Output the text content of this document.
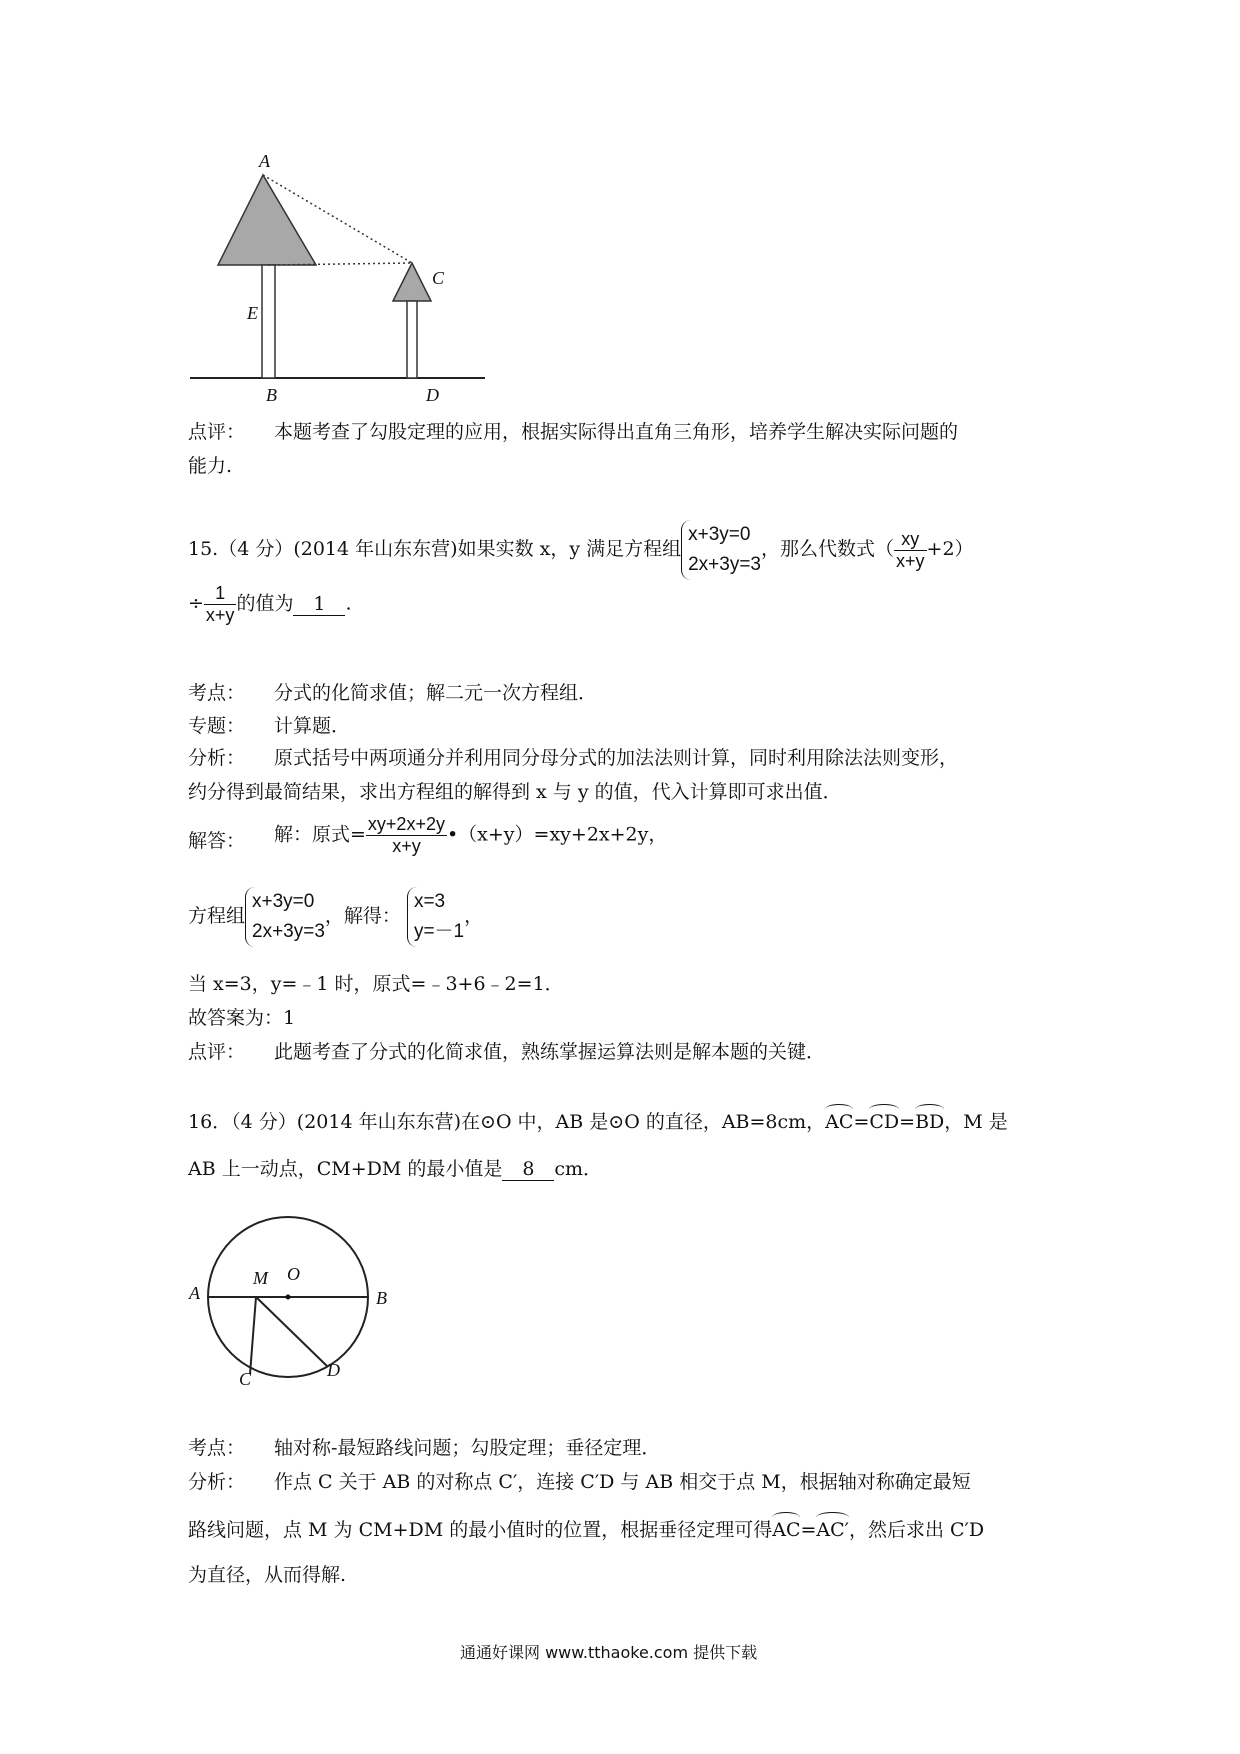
A
C
E
B	D
点评： 本题考查了勾股定理的应用，根据实际得出直角三角形，培养学生解决实际问题的
能力.
15.（4 分）(2014 年山东东营)如果实数 x，y 满足方程组x+3y=0
2x+3y=3，那么代数式（ $\frac{xy}{x+y} +2$）
÷ $\frac{1}{x+y}$ 的值为 1 .
考点： 分式的化简求值；解二元一次方程组．
专题： 计算题．
分析： 原式括号中两项通分并利用同分母分式的加法法则计算，同时利用除法法则变形，
约分得到最简结果，求出方程组的解得到 x 与 y 的值，代入计算即可求出值．
解答： 解：原式= $\frac{xy+2x+2y}{x+y}$ •（x+y）=xy+2x+2y，
方程组x+3y=0
2x+3y=3，解得：x=3
y=－1，
当 x=3，y=﹣1 时，原式=﹣3+6﹣2=1．
故答案为：1
点评： 此题考查了分式的化简求值，熟练掌握运算法则是解本题的关键．
16．（4 分）(2014 年山东东营)在⊙O 中，AB 是⊙O 的直径，AB=8cm，AC=CD=BD，M 是
AB 上一动点，CM+DM 的最小值是 8 cm．
A
M O
B
C	D
考点： 轴对称-最短路线问题；勾股定理；垂径定理．
分析： 作点 C 关于 AB 的对称点 C′，连接 C′D 与 AB 相交于点 M，根据轴对称确定最短
路线问题，点 M 为 CM+DM 的最小值时的位置，根据垂径定理可得AC=AC′，然后求出 C′D
为直径，从而得解.
通通好课网 www.tthaoke.com 提供下载
